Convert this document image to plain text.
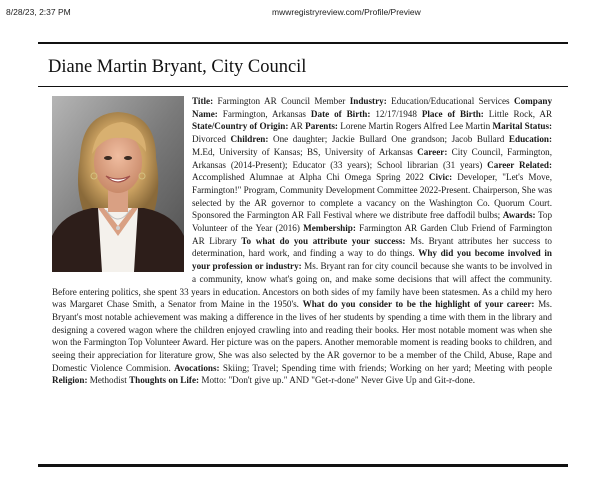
8/28/23, 2:37 PM	mwwregistryreview.com/Profile/Preview
Diane Martin Bryant, City Council
Title: Farmington AR Council Member Industry: Education/Educational Services Company Name: Farmington, Arkansas Date of Birth: 12/17/1948 Place of Birth: Little Rock, AR State/Country of Origin: AR Parents: Lorene Martin Rogers Alfred Lee Martin Marital Status: Divorced Children: One daughter; Jackie Bullard One grandson; Jacob Bullard Education: M.Ed, University of Kansas; BS, University of Arkansas Career: City Council, Farmington, Arkansas (2014-Present); Educator (33 years); School librarian (31 years) Career Related: Accomplished Alumnae at Alpha Chi Omega Spring 2022 Civic: Developer, "Let's Move, Farmington!" Program, Community Development Committee 2022-Present. Chairperson, She was selected by the AR governor to complete a vacancy on the Washington Co. Quorum Court. Sponsored the Farmington AR Fall Festival where we distribute free daffodil bulbs; Awards: Top Volunteer of the Year (2016) Membership: Farmington AR Garden Club Friend of Farmington AR Library To what do you attribute your success: Ms. Bryant attributes her success to determination, hard work, and finding a way to do things. Why did you become involved in your profession or industry: Ms. Bryant ran for city council because she wants to be involved in a community, know what's going on, and make some decisions that will affect the community. Before entering politics, she spent 33 years in education. Ancestors on both sides of my family have been statesmen. As a child my hero was Margaret Chase Smith, a Senator from Maine in the 1950's. What do you consider to be the highlight of your career: Ms. Bryant's most notable achievement was making a difference in the lives of her students by spending a time with them in the library and designing a covered wagon where the children enjoyed crawling into and reading their books. Her most notable moment was when she won the Farmington Top Volunteer Award. Her picture was on the papers. Another memorable moment is reading books to children, and seeing their appreciation for literature grow, She was also selected by the AR governor to be a member of the Child, Abuse, Rape and Domestic Violence Commision. Avocations: Skiing; Travel; Spending time with friends; Working on her yard; Meeting with people Religion: Methodist Thoughts on Life: Motto: "Don't give up." AND "Get-r-done" Never Give Up and Git-r-done.
